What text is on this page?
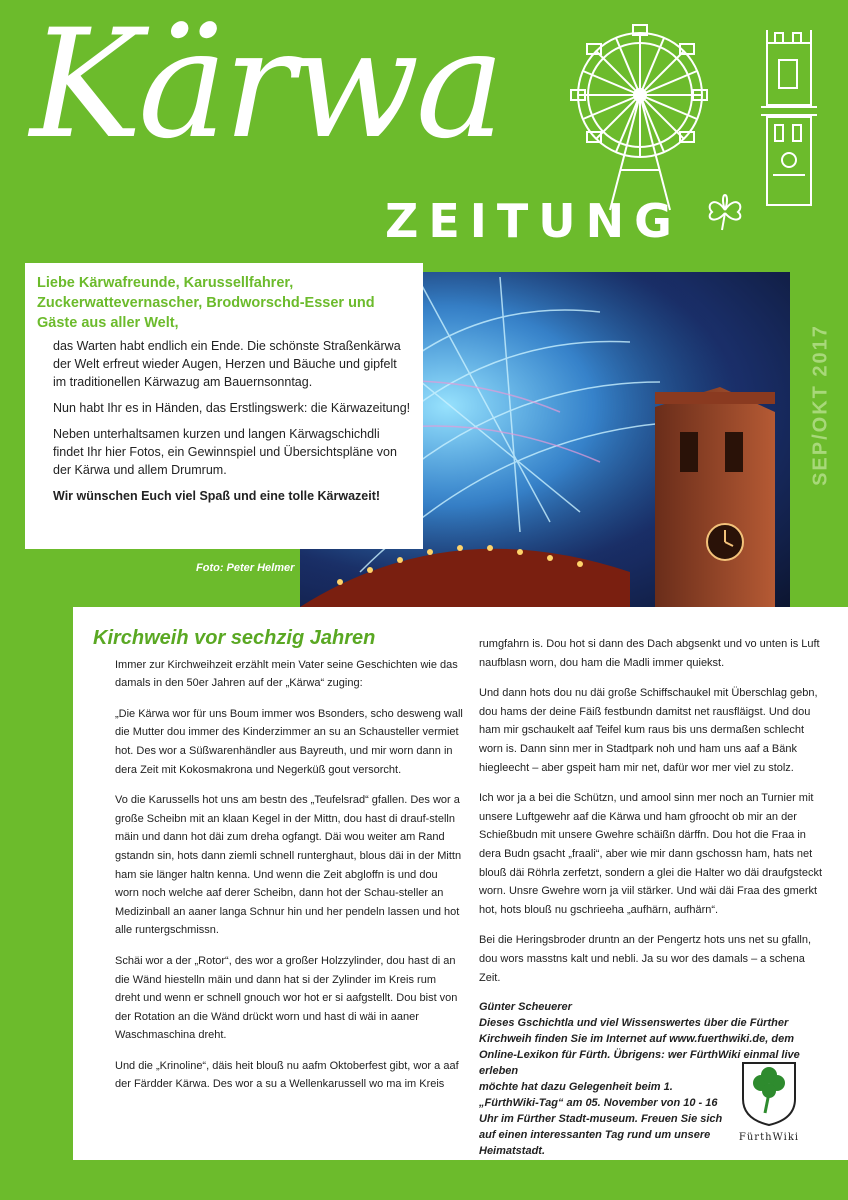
Kärwa
ZEITUNG
Foto: Peter Helmer
Liebe Kärwafreunde, Karussellfahrer, Zuckerwattevernascher, Brodworschd-Esser und Gäste aus aller Welt,

das Warten habt endlich ein Ende. Die schönste Straßenkärwa der Welt erfreut wieder Augen, Herzen und Bäuche und gipfelt im traditionellen Kärwazug am Bauernsonntag.

Nun habt Ihr es in Händen, das Erstlingswerk: die Kärwazeitung!

Neben unterhaltsamen kurzen und langen Kärwagschichdli findet Ihr hier Fotos, ein Gewinnspiel und Übersichtspläne von der Kärwa und allem Drumrum.

Wir wünschen Euch viel Spaß und eine tolle Kärwazeit!

SEP/OKT 2017
Kirchweih vor sechzig Jahren

Immer zur Kirchweihzeit erzählt mein Vater seine Geschichten wie das damals in den 50er Jahren auf der „Kärwa“ zuging:

„Die Kärwa wor für uns Boum immer wos Bsonders, scho desweng wall die Mutter dou immer des Kinderzimmer an su an Schausteller vermiet hot. Des wor a Süßwarenhändler aus Bayreuth, und mir worn dann in dera Zeit mit Kokosmakrona und Negerküß gout versorcht.

Vo die Karussells hot uns am bestn des „Teufelsrad“ gfallen. Des wor a große Scheibn mit an klaan Kegel in der Mittn, dou hast di drauf-stelln mäin und dann hot däi zum dreha ogfangt. Däi wou weiter am Rand gstandn sin, hots dann ziemli schnell runterghaut, blous däi in der Mittn ham sie länger haltn kenna. Und wenn die Zeit abgloffn is und dou worn noch welche aaf derer Scheibn, dann hot der Schau-steller an Medizinball an aaner langa Schnur hin und her pendeln lassen und hot alle runtergschmissn.

Schäi wor a der „Rotor“, des wor a großer Holzzylinder, dou hast di an die Wänd hiestelln mäin und dann hat si der Zylinder im Kreis rum dreht und wenn er schnell gnouch wor hot er si aafgstellt. Dou bist von der Rotation an die Wänd drückt worn und hast di wäi in aaner Waschmaschina dreht.

Und die „Krinoline“, däis heit blouß nu aafm Oktoberfest gibt, wor a aaf der Färdder Kärwa. Des wor a su a Wellenkarussell wo ma im Kreis

rumgfahrn is. Dou hot si dann des Dach abgsenkt und vo unten is Luft naufblasn worn, dou ham die Madli immer quiekst.

Und dann hots dou nu däi große Schiffschaukel mit Überschlag gebn, dou hams der deine Fäiß festbundn damitst net rausfläigst. Und dou ham mir gschaukelt aaf Teifel kum raus bis uns dermaßen schlecht worn is. Dann sinn mer in Stadtpark noh und ham uns aaf a Bänk hiegleecht – aber gspeit ham mir net, dafür wor mer viel zu stolz.

Ich wor ja a bei die Schützn, und amool sinn mer noch an Turnier mit unsere Luftgewehr aaf die Kärwa und ham gfroocht ob mir an der Schießbudn mit unsere Gwehre schäißn därffn. Dou hot die Fraa in dera Budn gsacht „fraali“, aber wie mir dann gschossn ham, hats net blouß däi Röhrla zerfetzt, sondern a glei die Halter wo däi draufgsteckt worn. Unsre Gwehre worn ja viil stärker. Und wäi däi Fraa des gmerkt hot, hots blouß nu gschrieeha „aufhärn, aufhärn“.

Bei die Heringsbroder druntn an der Pengertz hots uns net su gfalln, dou wors masstns kalt und nebli. Ja su wor des damals – a schena Zeit.

Günter Scheuerer
Dieses Gschichtla und viel Wissenswertes über die Fürther Kirchweih finden Sie im Internet auf www.fuerthwiki.de, dem Online-Lexikon für Fürth. Übrigens: wer FürthWiki einmal live erleben
möchte hat dazu Gelegenheit beim 1. „FürthWiki-Tag“ am 05. November von 10 - 16 Uhr im Fürther Stadt-museum. Freuen Sie sich auf einen interessanten Tag rund um unsere Heimatstadt.
FürthWiki
